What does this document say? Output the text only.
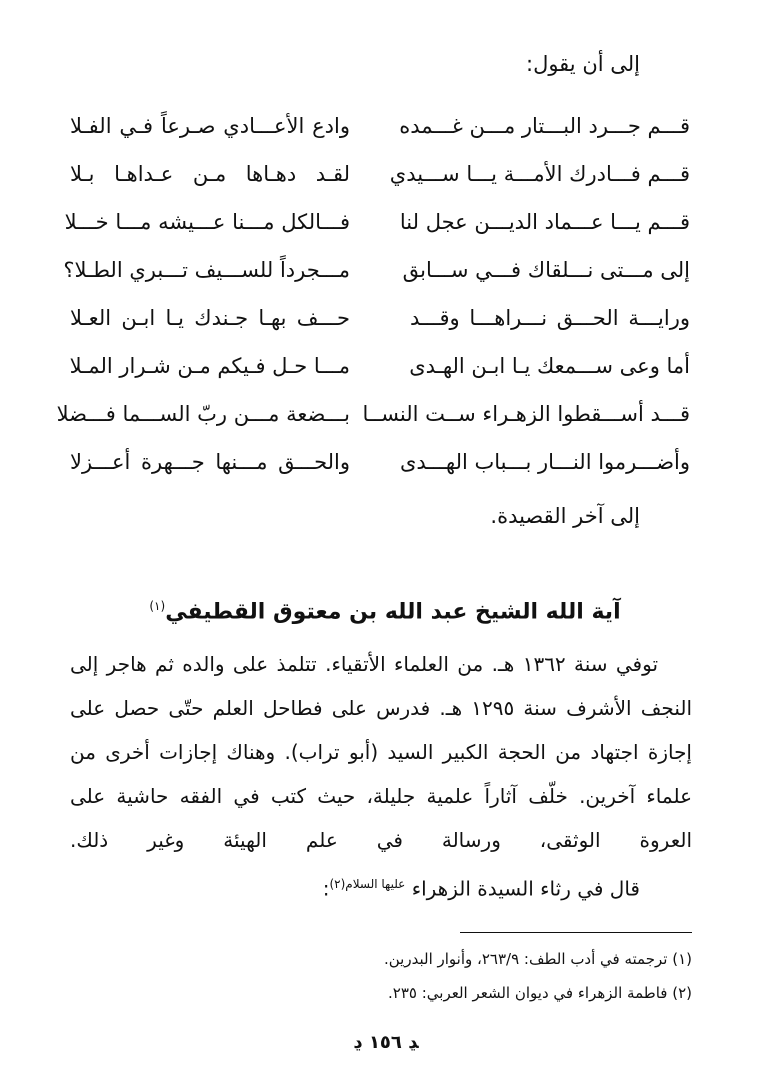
إلى أن يقول:
قـــم جـــرد البـــتار مـــن غـــمده
وادع الأعـــادي صـرعاً فـي الفـلا
قـــم فـــادرك الأمـــة يـــا ســـيدي
لقـد دهـاها مـن عـداهـا بـلا
قـــم يـــا عـــماد الديـــن عجل لنا
فـــالكل مـــنا عـــيشه مـــا خـــلا
إلى مـــتى نـــلقاك فـــي ســـابق
مـــجرداً للســـيف تـــبري الطـلا؟
ورايـــة الحـــق نـــراهـــا وقـــد
حـــف بهـا جـندك يـا ابـن العـلا
أما وعى ســـمعك يـا ابـن الهـدى
مـــا حـل فـيكم مـن شـرار المـلا
قـــد أســـقطوا الزهـراء ســت النســا
بـــضعة مـــن ربّ الســـما فـــضلا
وأضـــرموا النـــار بـــباب الهـــدى
والحـــق مـــنها جـــهرة أعـــزلا
إلى آخر القصيدة.
آية الله الشيخ عبد الله بن معتوق القطيفي$^{(١)}$

توفي سنة ١٣٦٢ هـ. من العلماء الأتقياء. تتلمذ على والده ثم هاجر إلى النجف الأشرف سنة ١٢٩٥ هـ. فدرس على فطاحل العلم حتّى حصل على إجازة اجتهاد من الحجة الكبير السيد (أبو تراب). وهناك إجازات أخرى من علماء آخرين. خلّف آثاراً علمية جليلة، حيث كتب في الفقه حاشية على العروة الوثقى، ورسالة في علم الهيئة وغير ذلك.

قال في رثاء السيدة الزهراء $^{عليها السلام(٢)}$:
(١) ترجمته في أدب الطف: ٢٦٣/٩، وأنوار البدرين.
(٢) فاطمة الزهراء في ديوان الشعر العربي: ٢٣٥.
ﮃ ١٥٦ ﮂ
